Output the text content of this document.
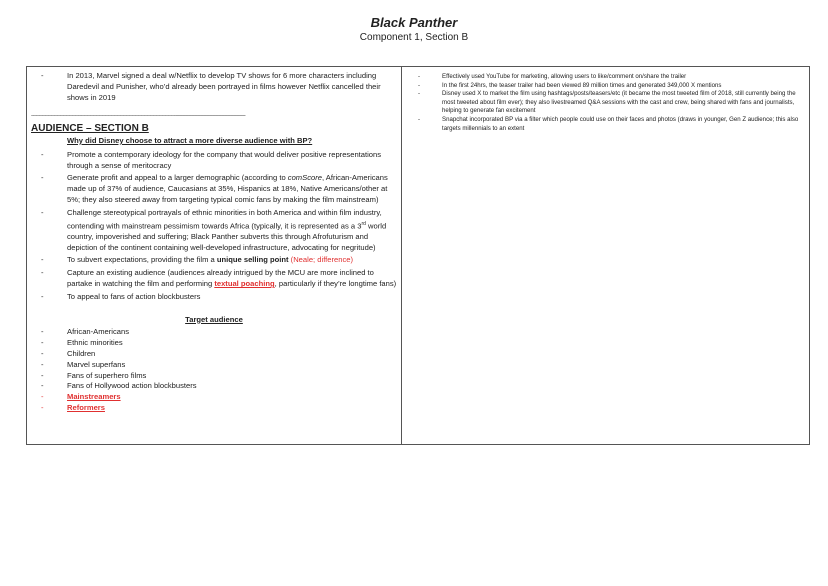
Black Panther
Component 1, Section B
- In 2013, Marvel signed a deal w/Netflix to develop TV shows for 6 more characters including Daredevil and Punisher, who’d already been portrayed in films however Netflix cancelled their shows in 2019
-----------------------------------------------------------------------------------------------------------------------------------------------
AUDIENCE – SECTION B
Why did Disney choose to attract a more diverse audience with BP?
- Promote a contemporary ideology for the company that would deliver positive representations through a sense of meritocracy
- Generate profit and appeal to a larger demographic (according to comScore, African-Americans made up of 37% of audience, Caucasians at 35%, Hispanics at 18%, Native Americans/other at 5%; they also steered away from targeting typical comic fans by making the film mainstream)
- Challenge stereotypical portrayals of ethnic minorities in both America and within film industry, contending with mainstream pessimism towards Africa (typically, it is represented as a 3rd world country, impoverished and suffering; Black Panther subverts this through Afrofuturism and depiction of the continent containing well-developed infrastructure, advocating for negritude)
- To subvert expectations, providing the film a unique selling point (Neale; difference)
- Capture an existing audience (audiences already intrigued by the MCU are more inclined to partake in watching the film and performing textual poaching, particularly if they’re longtime fans)
- To appeal to fans of action blockbusters
Target audience
- African-Americans
- Ethnic minorities
- Children
- Marvel superfans
- Fans of superhero films
- Fans of Hollywood action blockbusters
- Mainstreamers
- Reformers
- Effectively used YouTube for marketing, allowing users to like/comment on/share the trailer
- In the first 24hrs, the teaser trailer had been viewed 89 million times and generated 349,000 X mentions
- Disney used X to market the film using hashtags/posts/teasers/etc (it became the most tweeted film of 2018, still currently being the most tweeted about film ever); they also livestreamed Q&A sessions with the cast and crew, being shared with fans and journalists, helping to generate fan excitement
- Snapchat incorporated BP via a filter which people could use on their faces and photos (draws in younger, Gen Z audience; this also targets millennials to an extent
